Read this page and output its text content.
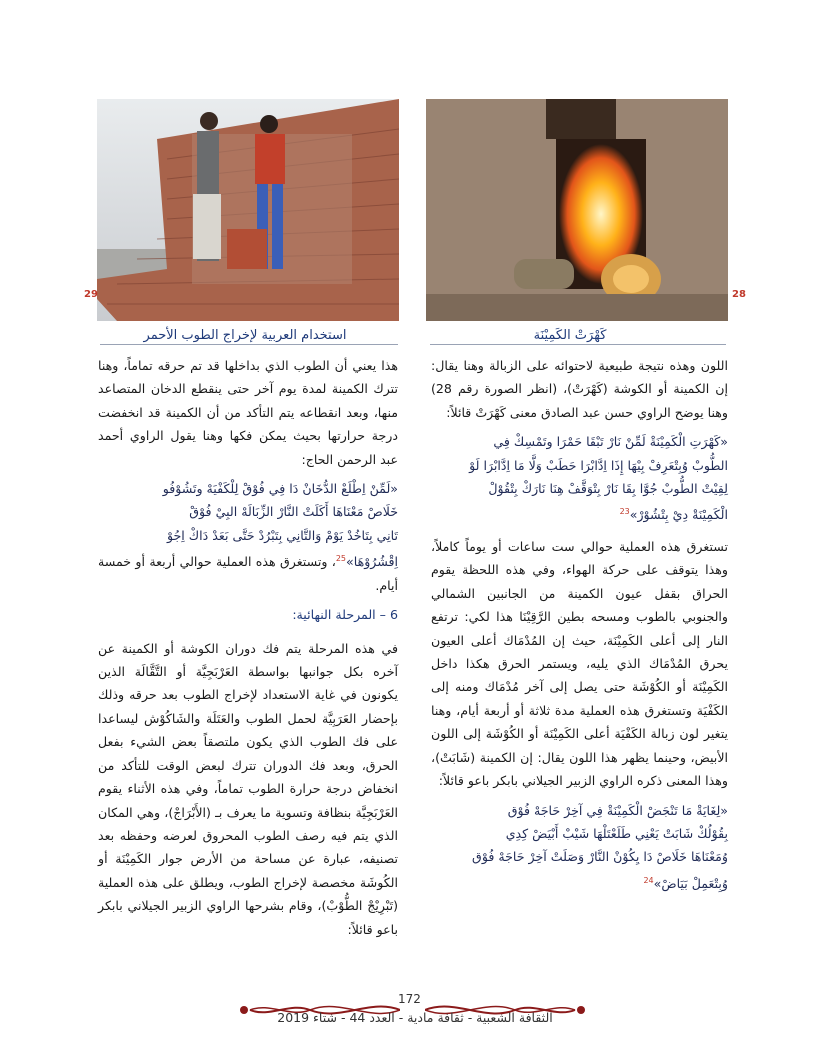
29	28
استخدام العربية لإخراج الطوب الأحمر	كَهْرَتْ الكَمِيْنَة

اللون وهذه نتيجة طبيعية لاحتوائه على الزبالة وهنا يقال: إن الكمينة أو الكوشة (كَهْرَتْ)، (انظر الصورة رقم 28) وهنا يوضح الراوي حسن عبد الصادق معنى كَهْرَتْ قائلاً:

«كَهْرَتِ الْكَمِيْنَةْ لَمِّنْ نَارْ تَبْقَا حَمْرَا وتَمْسِكْ فِي
الطُّوبْ وُبِتْعَرِفْ بِيْهَا إِذَا اِدَّابْرَا حَطَبْ وَلَّا مَا اِدَّابْرَا لَوْ
لِقِيْتْ الطُّوبْ جُوَّا بِقَا نَارْ بِتْوَقَّفْ هِنَا نَارَكْ بِتْقُوْلْ
الْكَمِيْنَةْ دِيْ بِتْشُوْرْ»$^{23}$

تستغرق هذه العملية حوالي ست ساعات أو يوماً كاملاً، وهذا يتوقف على حركة الهواء، وفي هذه اللحظة يقوم الحراق بقفل عيون الكمينة من الجانبين الشمالي والجنوبي بالطوب ومسحه بطين الرَّقِيْنَا هذا لكي: ترتفع النار إلى أعلى الكَمِيْنَة، حيث إن المُدْمَاك أعلى العيون يحرق المُدْمَاك الذي يليه، ويستمر الحرق هكذا داخل الكَمِيْنَة أو الكُوْشَة حتى يصل إلى آخر مُدْمَاك ومنه إلى الكَفْيَة وتستغرق هذه العملية مدة ثلاثة أو أربعة أيام، وهنا يتغير لون زبالة الكَفْيَة أعلى الكَمِيْنَة أو الكُوْشَة إلى اللون الأبيض، وحينما يظهر هذا اللون يقال: إن الكمينة (شَابَتْ)، وهذا المعنى ذكره الراوي الزبير الجيلاني بابكر باعو قائلاً:

«لِغَايَةْ مَا تَنْجَضْ الْكَمِيْنَةْ فِي آخِرْ حَاجَهْ فُوْق
بِقُوْلُكْ شَابَتْ يَعْنِي طَلَعْتَلْهَا شَيْبْ أَبْيَضْ كِدِي
وُمَعْنَاهَا خَلَاصْ دَا يِكُوْنْ النَّارْ وَصَلَتْ آخِرْ حَاجَهْ فُوْق
وُبِتْعَمِلْ بَيَاضْ»$^{24}$

هذا يعني أن الطوب الذي بداخلها قد تم حرقه تماماً، وهنا تترك الكمينة لمدة يوم آخر حتى ينقطع الدخان المتصاعد منها، وبعد انقطاعه يتم التأكد من أن الكمينة قد انخفضت درجة حرارتها بحيث يمكن فكها وهنا يقول الراوي أحمد عبد الرحمن الحاج:

«لَمِّنْ اِطْلَعْ الدُّخَانْ دَا فِي فُوْقْ لِلْكَفْيَهْ وتَشُوْفُو
خَلَاصْ مَعْنَاهَا أَكَلَتْ النَّارْ الزِّبَالَهْ البِيْ فُوْقْ
تَانِي بِتَاخُدْ يَوْمْ وَالتَّانِي بِتَبْرُدْ حَتَّى بَعَدْ دَاكْ اِجُوْ
اِقْشُرُوْهَا»$^{25}$، وتستغرق هذه العملية حوالي أربعة أو خمسة أيام.
6 – المرحلة النهائية:

في هذه المرحلة يتم فك دوران الكوشة أو الكمينة عن آخره بكل جوانبها بواسطة العَرْبَجِيَّة أو التَّقَّالَة الذين يكونون في غاية الاستعداد لإخراج الطوب بعد حرقه وذلك بإحضار العَرَبِيَّة لحمل الطوب والعَتَلَة والشَاكُوْش ليساعدا على فك الطوب الذي يكون ملتصقاً بعض الشيء بفعل الحرق، وبعد فك الدوران تترك لبعض الوقت للتأكد من انخفاض درجة حرارة الطوب تماماً، وفي هذه الأثناء يقوم العَرْبَجِيَّة بنظافة وتسوية ما يعرف بـ (الأَبْرَاجْ)، وهي المكان الذي يتم فيه رصف الطوب المحروق لعرضه وحفظه بعد تصنيفه، عبارة عن مساحة من الأرض جوار الكَمِيْنَة أو الكُوشَة مخصصة لإخراج الطوب، ويطلق على هذه العملية (تَبْرِيْجْ الطُّوْبْ)، وقام بشرحها الراوي الزبير الجيلاني بابكر باعو قائلاً:

172
الثقافة الشعبية - ثقافة مادية - العدد 44 - شتاء 2019
